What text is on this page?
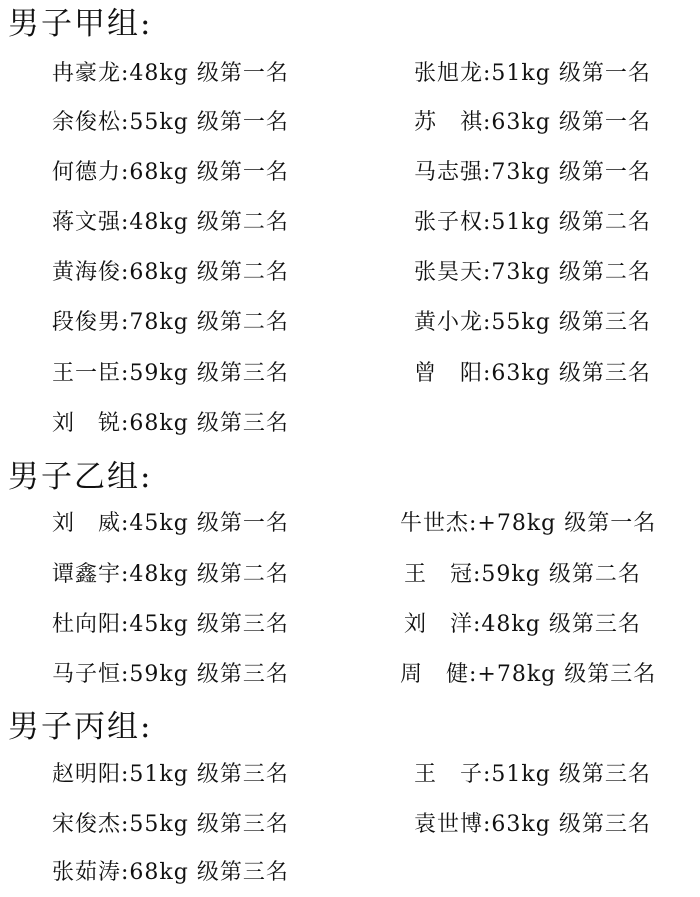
男子甲组:
冉豪龙:48kg 级第一名	张旭龙:51kg 级第一名
余俊松:55kg 级第一名	苏　祺:63kg 级第一名
何德力:68kg 级第一名	马志强:73kg 级第一名
蒋文强:48kg 级第二名	张子权:51kg 级第二名
黄海俊:68kg 级第二名	张昊天:73kg 级第二名
段俊男:78kg 级第二名	黄小龙:55kg 级第三名
王一臣:59kg 级第三名	曾　阳:63kg 级第三名
刘　锐:68kg 级第三名
男子乙组:
刘　威:45kg 级第一名	牛世杰:+78kg 级第一名
谭鑫宇:48kg 级第二名	王　冠:59kg 级第二名
杜向阳:45kg 级第三名	刘　洋:48kg 级第三名
马子恒:59kg 级第三名	周　健:+78kg 级第三名
男子丙组:
赵明阳:51kg 级第三名	王　子:51kg 级第三名
宋俊杰:55kg 级第三名	袁世博:63kg 级第三名
张茹涛:68kg 级第三名
